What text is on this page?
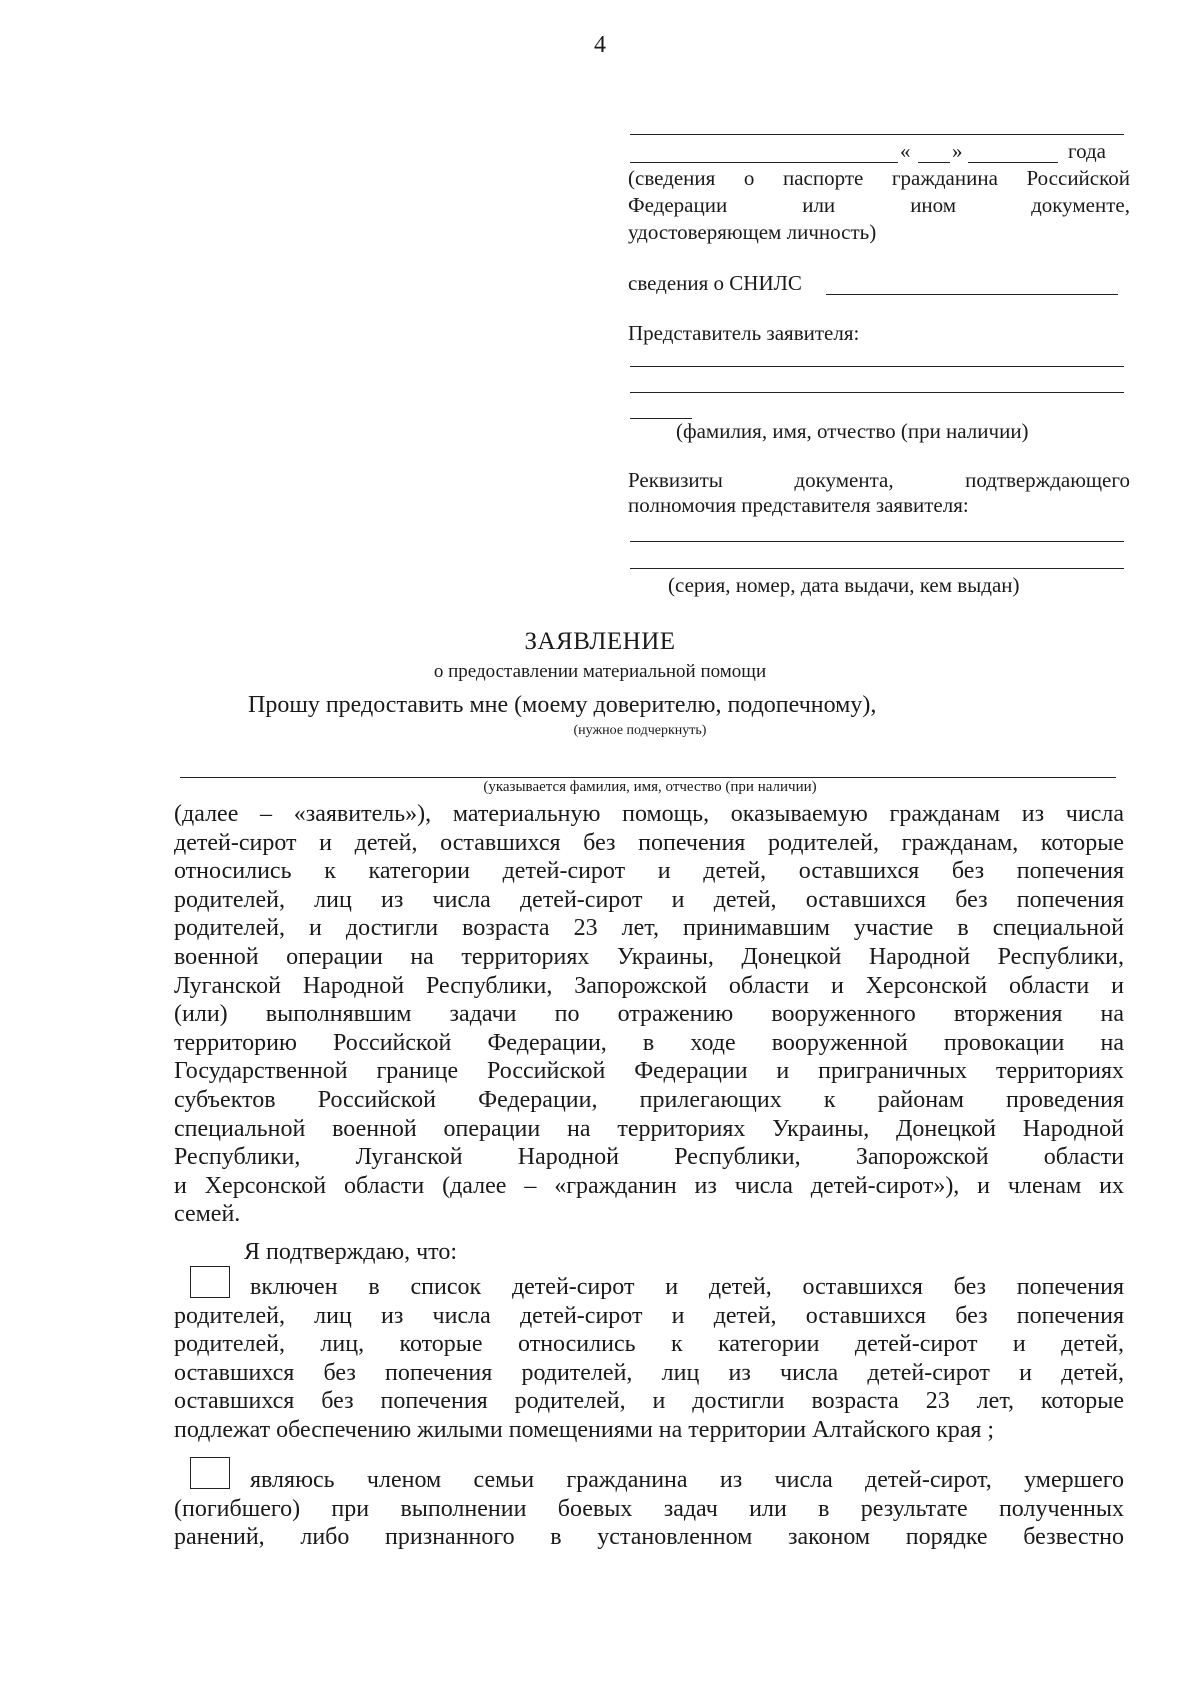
4
«	»	года
(сведения о паспорте гражданина Российской
Федерации	или	ином	документе,
удостоверяющем личность)
сведения о СНИЛС
Представитель заявителя:
(фамилия, имя, отчество (при наличии)
Реквизиты	документа,	подтверждающего
полномочия представителя заявителя:
(серия, номер, дата выдачи, кем выдан)
ЗАЯВЛЕНИЕ
о предоставлении материальной помощи
Прошу предоставить мне (моему доверителю, подопечному),
(нужное подчеркнуть)
(указывается фамилия, имя, отчество (при наличии)
(далее – «заявитель»), материальную помощь, оказываемую гражданам из числа
детей-сирот и детей, оставшихся без попечения родителей, гражданам, которые
относились к категории детей-сирот и детей, оставшихся без попечения
родителей, лиц из числа детей-сирот и детей, оставшихся без попечения
родителей, и достигли возраста 23 лет, принимавшим участие в специальной
военной операции на территориях Украины, Донецкой Народной Республики,
Луганской Народной Республики, Запорожской области и Херсонской области и
(или) выполнявшим задачи по отражению вооруженного вторжения на
территорию Российской Федерации, в ходе вооруженной провокации на
Государственной границе Российской Федерации и приграничных территориях
субъектов Российской Федерации, прилегающих к районам проведения
специальной военной операции на территориях Украины, Донецкой Народной
Республики, Луганской Народной Республики, Запорожской области
и Херсонской области (далее – «гражданин из числа детей-сирот»), и членам их
семей.
Я подтверждаю, что:
включен в список детей-сирот и детей, оставшихся без попечения
родителей, лиц из числа детей-сирот и детей, оставшихся без попечения
родителей, лиц, которые относились к категории детей-сирот и детей,
оставшихся без попечения родителей, лиц из числа детей-сирот и детей,
оставшихся без попечения родителей, и достигли возраста 23 лет, которые
подлежат обеспечению жилыми помещениями на территории Алтайского края ;
являюсь членом семьи гражданина из числа детей-сирот, умершего
(погибшего) при выполнении боевых задач или в результате полученных
ранений, либо признанного в установленном законом порядке безвестно
